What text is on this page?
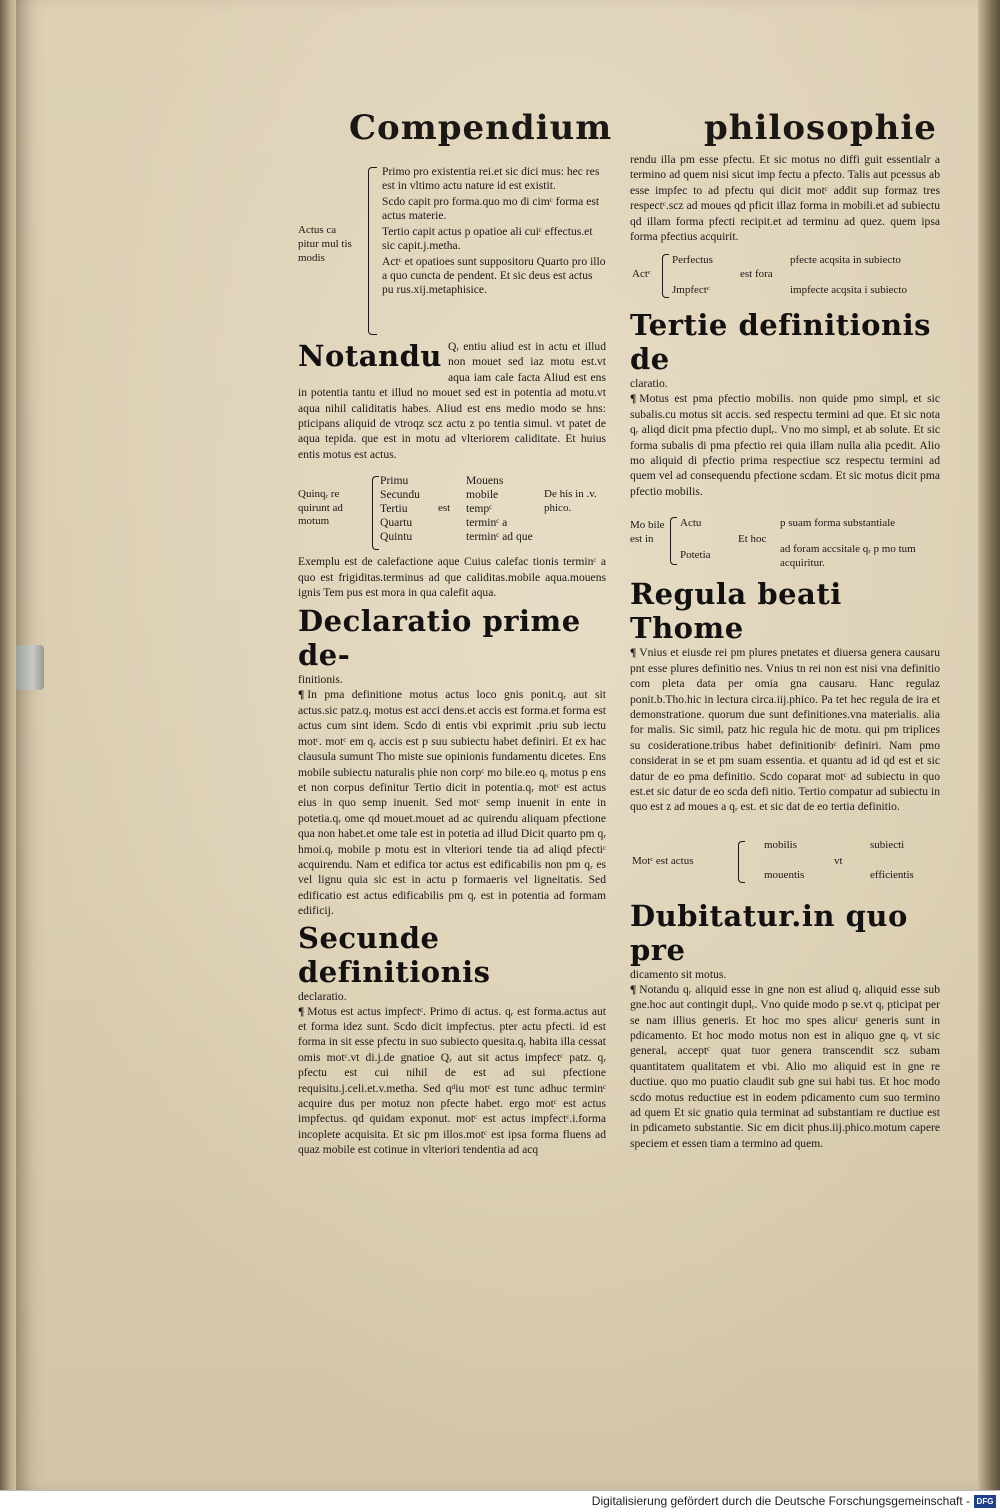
Compendium	philosophie
Actus ca pitur mul tis modis
Primo pro existentia rei.et sic dici mus: hec res est in vltimo actu nature id est existit.
Scdo capit pro forma.quo mo di cimᶜ forma est actus materie.
Tertio capit actus p opatioe ali cuiᶜ effectus.et sic capit.j.metha.
Actᶜ et opatioes sunt suppositoru Quarto pro illo a quo cuncta de pendent. Et sic deus est actus pu rus.xij.metaphisice.

Notandu Qᵣ entiu aliud est in actu et illud non mouet sed iaz motu est.vt aqua iam cale facta Aliud est ens in potentia tantu et illud no mouet sed est in potentia ad motu.vt aqua nihil caliditatis habes. Aliud est ens medio modo se hns: pticipans aliquid de vtroqz scz actu z po tentia simul. vt patet de aqua tepida. que est in motu ad vlteriorem caliditate. Et huius entis motus est actus.

Quinqᵣ re quirunt ad motum
Primu
Secundu
Tertiu
Quartu
Quintu
est
Mouens
mobile
tempᶜ
terminᶜ a
terminᶜ ad que
De his in .v. phico.

Exemplu est de calefactione aque Cuius calefac tionis terminᶜ a quo est frigiditas.terminus ad que caliditas.mobile aqua.mouens ignis Tem pus est mora in qua calefit aqua.

Declaratio prime de-
finitionis.

¶ In pma definitione motus actus loco gnis ponit.qᵣ aut sit actus.sic patz.qᵣ motus est acci dens.et accis est forma.et forma est actus cum sint idem. Scdo di entis vbi exprimit .priu sub iectu motᶜ. motᶜ em qᵣ accis est p suu subiectu habet definiri. Et ex hac clausula sumunt Tho miste sue opinionis fundamentu dicetes. Ens mobile subiectu naturalis phie non corpᶜ mo bile.eo qᵣ motus p ens et non corpus definitur Tertio dicit in potentia.qᵣ motᶜ est actus eius in quo semp inuenit. Sed motᶜ semp inuenit in ente in potetia.qᵣ ome qd mouet.mouet ad ac quirendu aliquam pfectione qua non habet.et ome tale est in potetia ad illud Dicit quarto pm qᵣ hmoi.qᵣ mobile p motu est in vlteriori tende tia ad aliqd pfectiᶜ acquirendu. Nam et edifica tor actus est edificabilis non pm qᵣ es vel lignu quia sic est in actu p formaeris vel ligneitatis. Sed edificatio est actus edificabilis pm qᵣ est in potentia ad formam edificij.

Secunde definitionis
declaratio.

¶ Motus est actus impfectᶜ. Primo di actus. qᵣ est forma.actus aut et forma idez sunt. Scdo dicit impfectus. pter actu pfecti. id est forma in sit esse pfectu in suo subiecto quesita.qᵣ habita illa cessat omis motᶜ.vt di.j.de gnatioe Qᵣ aut sit actus impfectᶜ patz. qᵣ pfectu est cui nihil de est ad sui pfectione requisitu.j.celi.et.v.metha. Sed qᵈiu motᶜ est tunc adhuc terminᶜ acquire dus per motuz non pfecte habet. ergo motᶜ est actus impfectus. qd quidam exponut. motᶜ est actus impfectᶜ.i.forma incoplete acquisita. Et sic pm illos.motᶜ est ipsa forma fluens ad quaz mobile est cotinue in vlteriori tendentia ad acq

rendu illa pm esse pfectu. Et sic motus no diffi guit essentialr a termino ad quem nisi sicut imp fectu a pfecto. Talis aut pcessus ab esse impfec to ad pfectu qui dicit motᶜ addit sup formaz tres respectᶜ.scz ad moues qd pficit illaz forma in mobili.et ad subiectu qd illam forma pfecti recipit.et ad terminu ad quez. quem ipsa forma pfectius acquirit.

Actᶜ
Perfectus
Jmpfectᶜ
est fora
pfecte acqsita in subiecto
impfecte acqsita i subiecto
Tertie definitionis de
claratio.

¶ Motus est pma pfectio mobilis. non quide pmo simplᵣ et sic subalis.cu motus sit accis. sed respectu termini ad que. Et sic nota qᵣ aliqd dicit pma pfectio duplᵣ. Vno mo simplᵣ et ab solute. Et sic forma subalis di pma pfectio rei quia illam nulla alia pcedit. Alio mo aliquid di pfectio prima respectiue scz respectu termini ad quem vel ad consequendu pfectione scdam. Et sic motus dicit pma pfectio mobilis.

Mo bile est in
Actu
Potetia
Et hoc
p suam forma substantiale
ad foram accsitale qᵣ p mo tum acquiritur.
Regula beati Thome

¶ Vnius et eiusde rei pm plures pnetates et diuersa genera causaru pnt esse plures definitio nes. Vnius tn rei non est nisi vna definitio com pleta data per omia gna causaru. Hanc regulaz ponit.b.Tho.hic in lectura circa.iij.phico. Pa tet hec regula de ira et demonstratione. quorum due sunt definitiones.vna materialis. alia for malis. Sic similᵣ patz hic regula hic de motu. qui pm triplices su cosideratione.tribus habet definitionibᶜ definiri. Nam pmo considerat in se et pm suam essentia. et quantu ad id qd est et sic datur de eo pma definitio. Scdo coparat motᶜ ad subiectu in quo est.et sic datur de eo scda defi nitio. Tertio compatur ad subiectu in quo est z ad moues a qᵣ est. et sic dat de eo tertia definitio.

Motᶜ est actus
mobilis
mouentis
vt
subiecti
efficientis
Dubitatur.in quo pre
dicamento sit motus.

¶ Notandu qᵣ aliquid esse in gne non est aliud qᵣ aliquid esse sub gne.hoc aut contingit duplᵣ. Vno quide modo p se.vt qᵣ pticipat per se nam illius generis. Et hoc mo spes alicuᶜ generis sunt in pdicamento. Et hoc modo motus non est in aliquo gne qᵣ vt sic generalᵣ acceptᶜ quat tuor genera transcendit scz subam quantitatem qualitatem et vbi. Alio mo aliquid est in gne re ductiue. quo mo puatio claudit sub gne sui habi tus. Et hoc modo scdo motus reductiue est in eodem pdicamento cum suo termino ad quem Et sic gnatio quia terminat ad substantiam re ductiue est in pdicameto substantie. Sic em dicit phus.iij.phico.motum capere speciem et essen tiam a termino ad quem.

Digitalisierung gefördert durch die Deutsche Forschungsgemeinschaft - DFG
